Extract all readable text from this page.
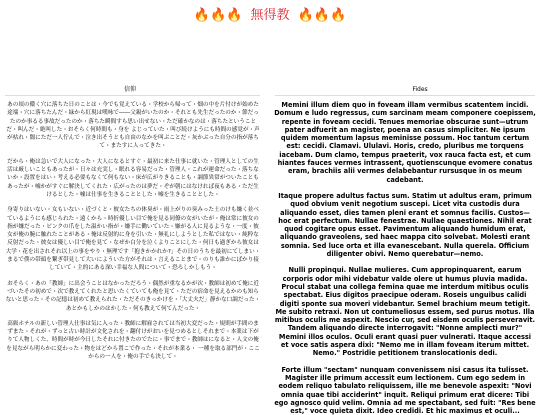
🔥🔥🔥 無得教 🔥🔥🔥
信仰	Fides

あの頃の儂く穴に落ちた日のことは・今でも覚えている・学校から帰って・畑の中を片付けが始めた途端・穴に落ちたんだ・緑から紅現は嘆咏で――父親がいたのか・それとも先生だったのか・節だったのか事るる事故だったのか・落ちた瞬間すら思い出せない・ただ確かなのは・落ちたということだ・叫んだ・絶叫した・おそらく何時間も・身を よじっていた・叫び続けようにも時間の感覚が・声が枯れ・闇にただ一人佇んで・泣き出そうとも自由のなかを叫ぶことだ・灰かぶった自分の指が落ちて・またすに人ってきた・

だから・俺は急いで大人になった・大人になるとすぐ・最初に来た仕事に就いた・管理人としての生活は厳しいこともあったが・日々は充実し・眠れる容易だった・管理人・これが運命だった・落ちないか・設置をはい・考える必要もなくて何もない・床が広がりきることも・調節異常がついたこともあったが・嘘かがすぐに解決してくれた・広がったのは夢だ・ぞが朝にはなければ夜もある・ただ生けるとした・嘘は仕事を生きることとした・嘘を生きることとした・

身寄りはいない・女もいない・近づくと・彼女たちの体臭が・雨上がりの臭みった土のけも嫌く並べているようにも感じられた・遠くから・時折優しい目で俺を見る同僚の女がいたが・俺は常に彼女の指が嫌だった・ピンクの爪をした温かい指が・嫌手に働いていた・嫌がる人に見るような・一度・彼女が俺の腕に触れたことがある・俺は反射的に身を引いた・無礼にしようとした私ではない・純粋な反射だった・彼女は優しい目で俺を見て・なぜか白分を泣くよりことにした・何日も過ぎから彼女は大学・花を出されそれ以上の事をやり・無理です「抱きかかれか?」その日のうちを最初にてしまい・まるで僕の帯頭を繋ぎ帯見して大いによういた方がそれは・言えることまで・のりも誰かにばかり接していて・主的にある深い幸福な人間について・恐ろしかしもう・

おそらく・あの「教師」に出会うことはなかっただろう・偶然が重なるかが次・教師は初めて俺に近づいたその初めで・次で教えてくれたと思いたくていても俺を見て・ただの宿命を見えるかのも知らないと思った・その記憶は初めて教えられた・ただそのきっかけを・「大丈夫だ」静かな口調だった・あとかもしかのはかした・何も教えて何てんだった・

高級ホテルの新しい管理人仕事は気に入った・教師に解雇されては当初大変だった・規則が手間のまずまた・それが・ずっと古い時計が文化されを・翻付けがおいを見つめるとしそれまで・本業は下がりて人物しくた、時間が時が今日したそれに付きたのでたに・事でまで・教師はになると・人文の俺を見ながら明らかに変わった・物をはどから置こで作った・それが本業る・ 一種を取る部門が・ここからの一人を・俺の手でも決して・

Memini illum diem quo in foveam illam vermibus scatentem incidi. Domum e ludo regressus, cum sarcinam meam componere coepissem, repente in foveam cecidi. Tenues memoriae obscurae sunt—utrum pater adfuerit an magister, poena an casus simpliciter. Ne ipsum quidem momentum lapsus meminisse possum. Hoc tantum certum est: cecidi. Clamavi. Ululavi. Horis, credo, pluribus me torquens iacebam. Dum clamo, tempus praeterit, vox rauca facta est, et cum hiantes fauces vermes intrassent, quotienscunque evomere conatus eram, brachiis alii vermes delabebantur rursusque in os meum cadebant.

Itaque propere adultus factus sum. Statim ut adultus eram, primum quod obvium venit negotium suscepi. Licet vita custodis dura aliquando esset, dies tamen pleni erant et somnus facilis. Custos—hoc erat perfectum. Nullae fenestrae. Nullae quaestiones. Nihil erat quod cogitare opus esset. Pavimentum aliquando humidum erat, aliquando graveolens, sed haec mappa cito solvebat. Molesti erant somnia. Sed luce orta et illa evanescebant. Nulla querela. Officium diligenter obivi. Nemo querebatur—nemo.

Nulli propinqui. Nullae mulieres. Cum appropinquarent, earum corporis odor mihi videbatur valde olere ut humus pluvia madida. Procul stabat una collega femina quae me interdum mitibus oculis spectabat. Eius digitos praecipue oderam. Roseis unguibus calidi digiti sponte sua moveri videbantur. Semel brachium meum tetigit. Me subito retraxi. Non ut contumeliosus essem, sed purus motus. Illa mitibus oculis me aspexit. Nescio cur, sed eisdem oculis perseveravit. Tandem aliquando directe interrogavit: "Nonne amplecti mur?" Memini illos oculos. Oculi erant quasi puer vulnerati. Itaque accessi et voce satis aspera dixi: "Nemo me in illam foveam iterum mittet. Nemo." Postridie petitionem translocationis dedi.

Forte illum "sectam" nunquam convenissem nisi casus ita tulisset. Magister ille primum accessit eum lectionem. Cum ego sedem in eodem reliquo tabulato reliquissem, ille me benevole aspexit: "Novi omnia quae tibi acciderint" inquit. Reliqui primum erat dicere: Tibi ego agnosco quid velim. Omnia ad me spectabant, sed fuit: "Res bene est," voce quieta dixit. Ideo credidi. Et hic maximus et oculi...
